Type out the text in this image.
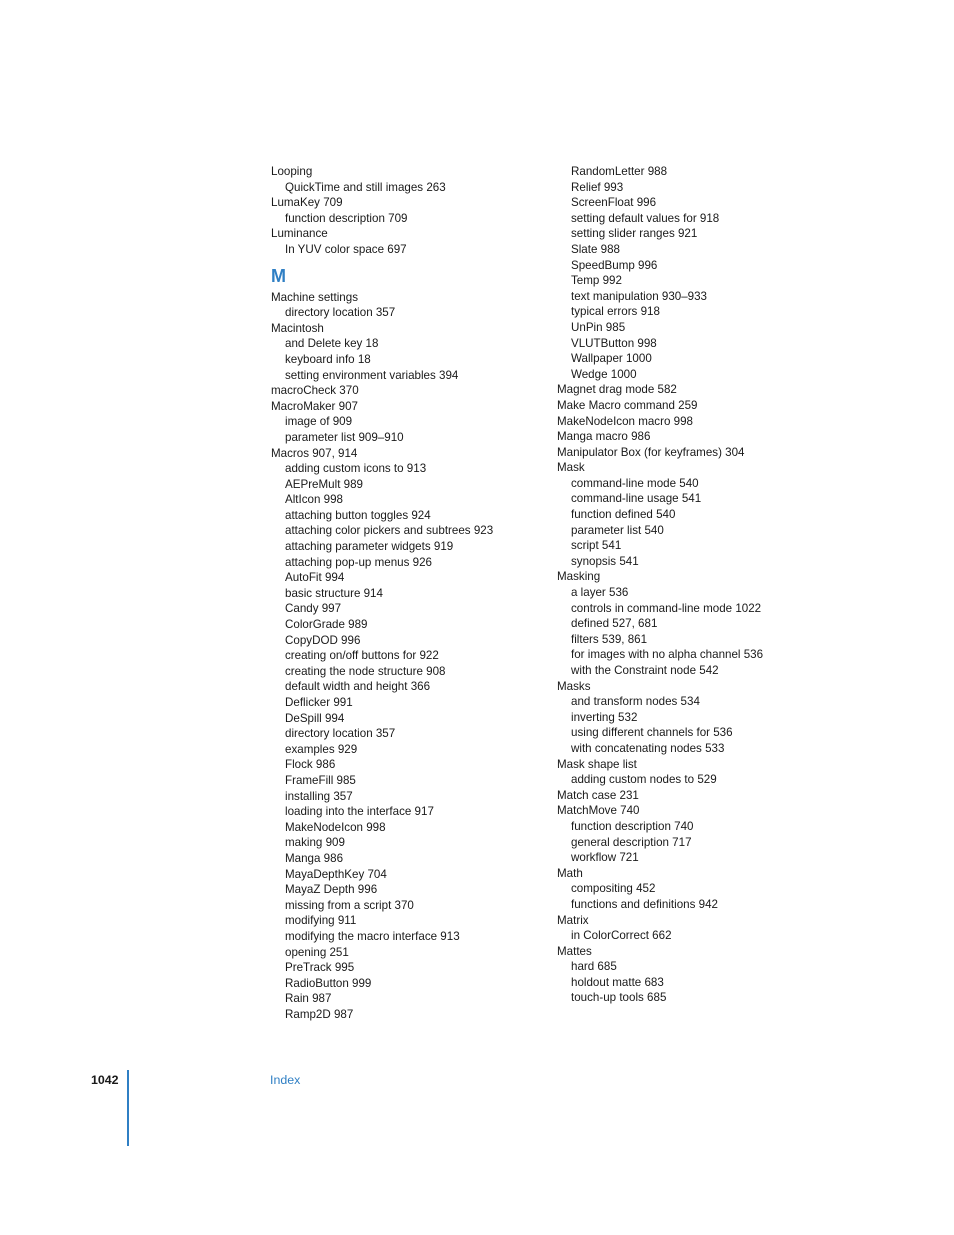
Looping
QuickTime and still images 263
LumaKey 709
function description 709
Luminance
In YUV color space 697
M
Machine settings
directory location 357
Macintosh
and Delete key 18
keyboard info 18
setting environment variables 394
macroCheck 370
MacroMaker 907
image of 909
parameter list 909–910
Macros 907, 914
adding custom icons to 913
AEPreMult 989
AltIcon 998
attaching button toggles 924
attaching color pickers and subtrees 923
attaching parameter widgets 919
attaching pop-up menus 926
AutoFit 994
basic structure 914
Candy 997
ColorGrade 989
CopyDOD 996
creating on/off buttons for 922
creating the node structure 908
default width and height 366
Deflicker 991
DeSpill 994
directory location 357
examples 929
Flock 986
FrameFill 985
installing 357
loading into the interface 917
MakeNodeIcon 998
making 909
Manga 986
MayaDepthKey 704
MayaZ Depth 996
missing from a script 370
modifying 911
modifying the macro interface 913
opening 251
PreTrack 995
RadioButton 999
Rain 987
Ramp2D 987
RandomLetter 988
Relief 993
ScreenFloat 996
setting default values for 918
setting slider ranges 921
Slate 988
SpeedBump 996
Temp 992
text manipulation 930–933
typical errors 918
UnPin 985
VLUTButton 998
Wallpaper 1000
Wedge 1000
Magnet drag mode 582
Make Macro command 259
MakeNodeIcon macro 998
Manga macro 986
Manipulator Box (for keyframes) 304
Mask
command-line mode 540
command-line usage 541
function defined 540
parameter list 540
script 541
synopsis 541
Masking
a layer 536
controls in command-line mode 1022
defined 527, 681
filters 539, 861
for images with no alpha channel 536
with the Constraint node 542
Masks
and transform nodes 534
inverting 532
using different channels for 536
with concatenating nodes 533
Mask shape list
adding custom nodes to 529
Match case 231
MatchMove 740
function description 740
general description 717
workflow 721
Math
compositing 452
functions and definitions 942
Matrix
in ColorCorrect 662
Mattes
hard 685
holdout matte 683
touch-up tools 685
1042	Index
